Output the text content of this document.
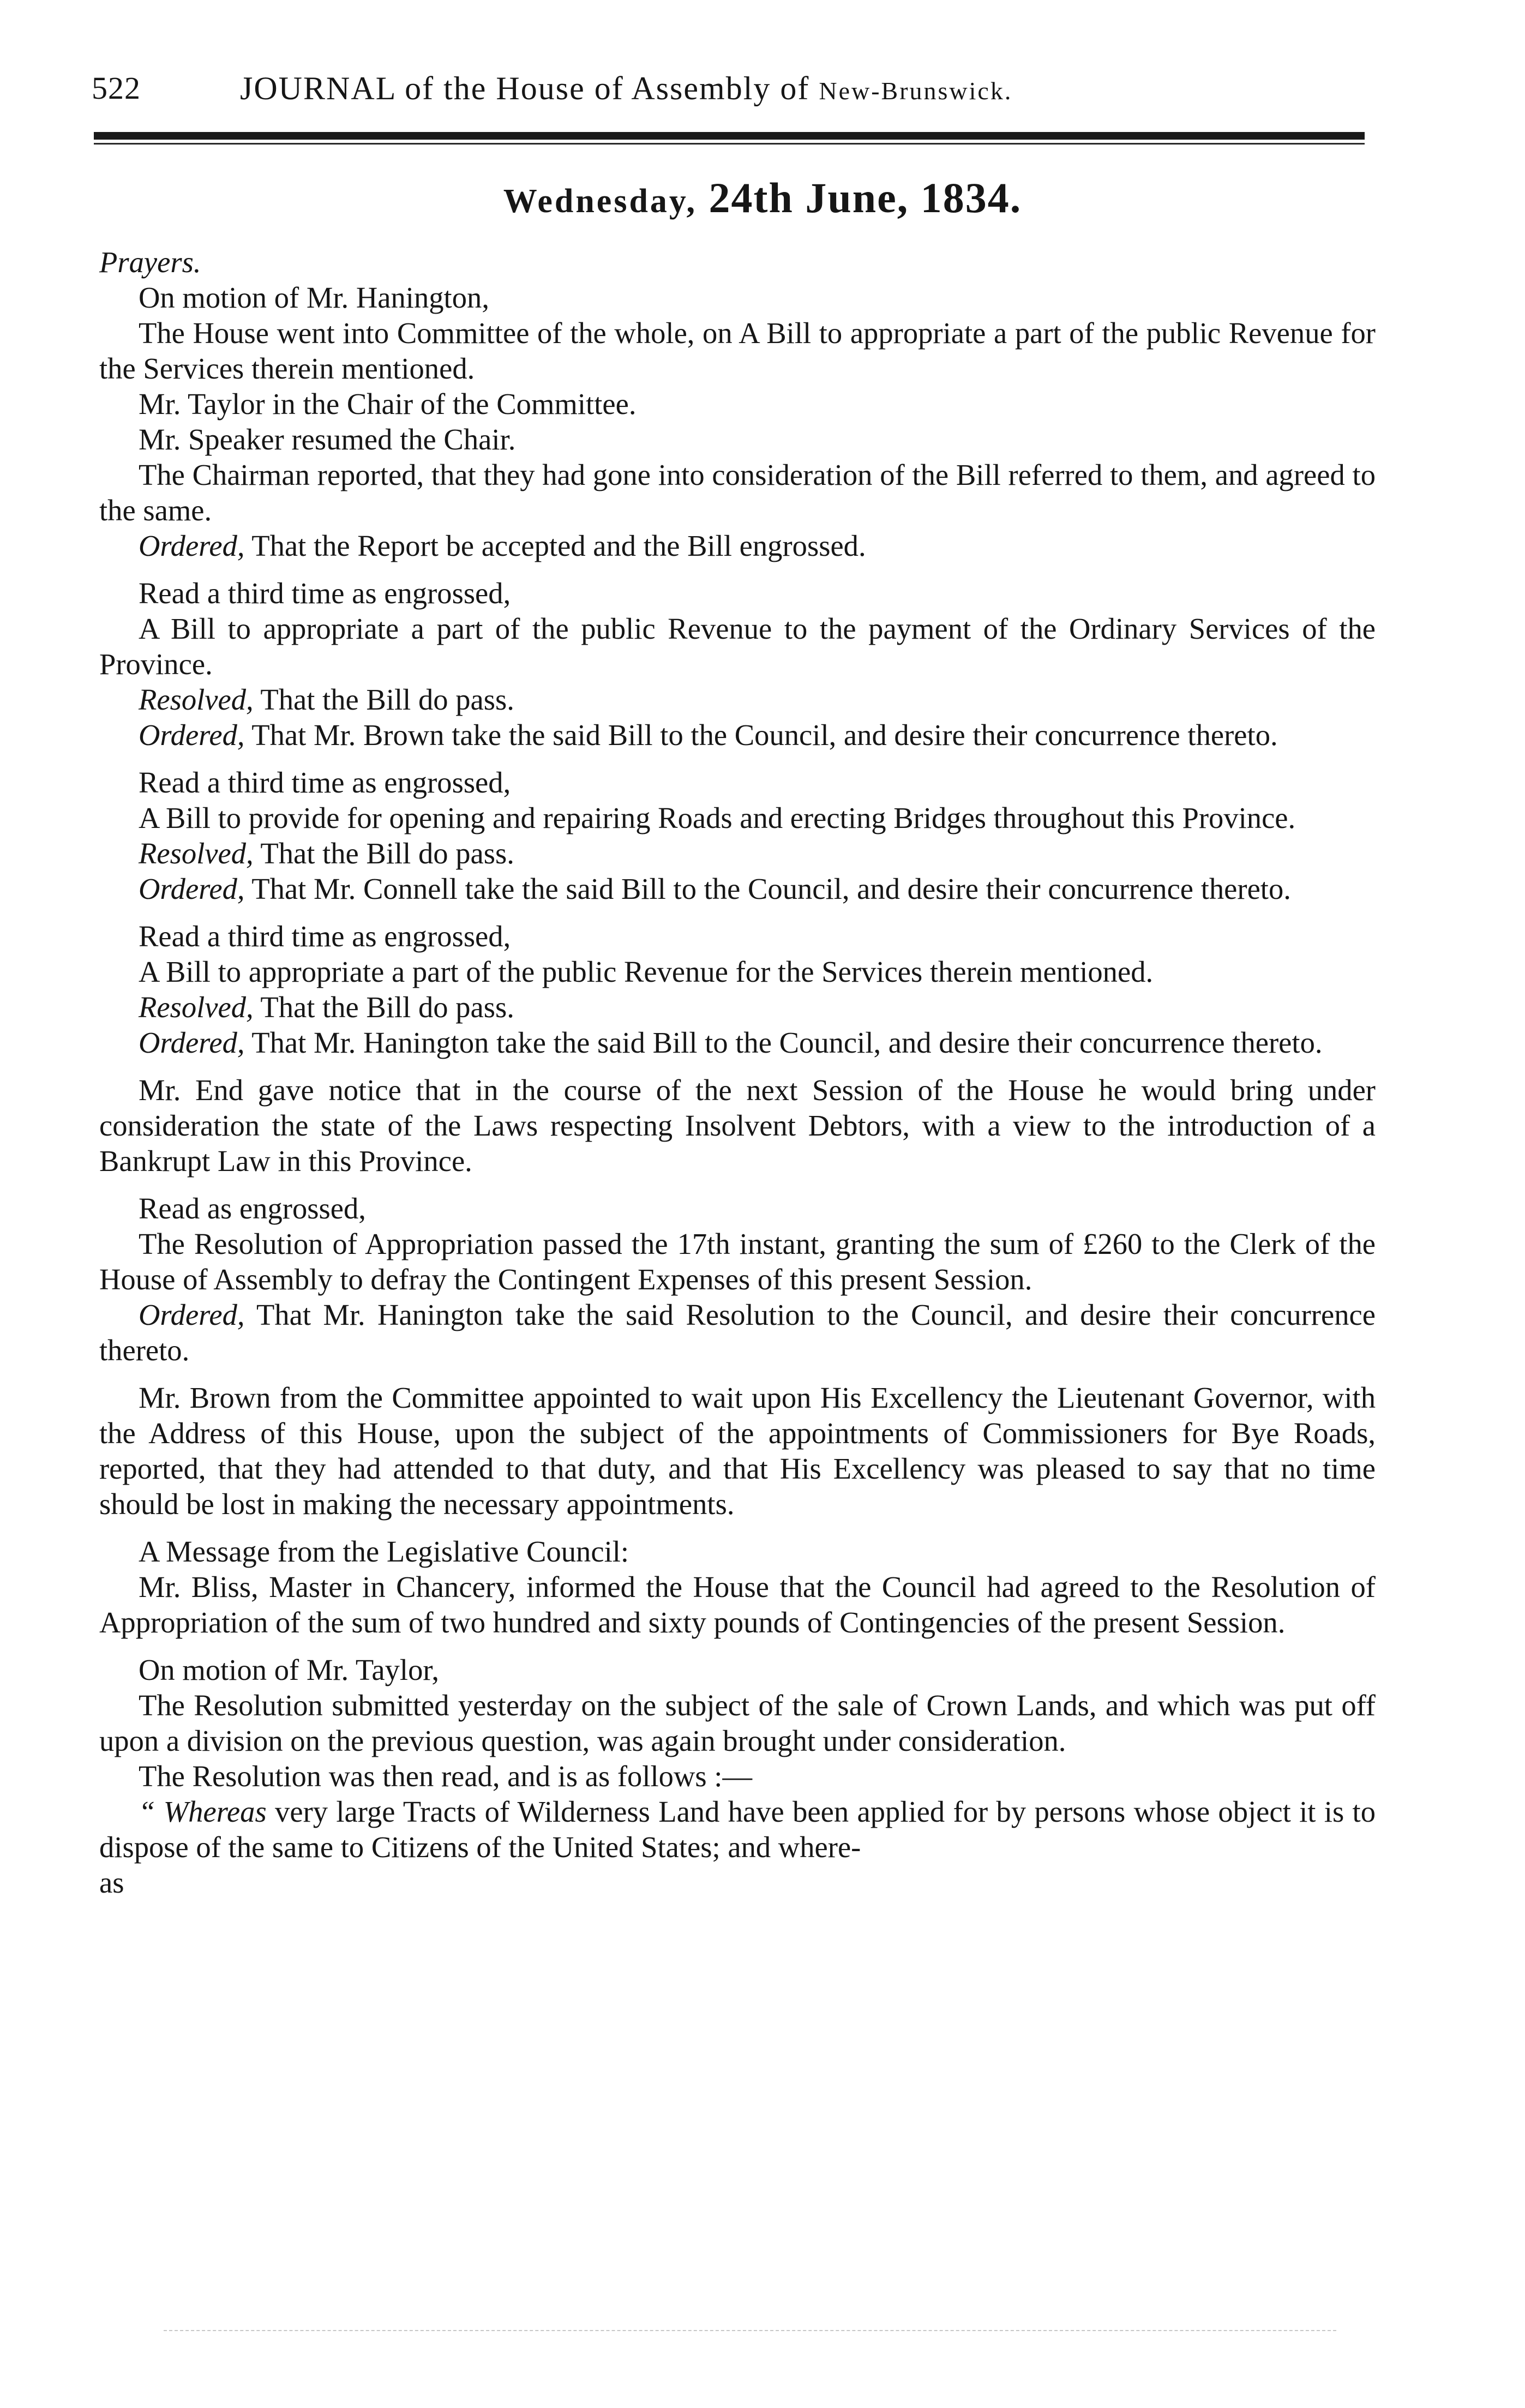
522	JOURNAL of the House of Assembly of New-Brunswick.
Wednesday, 24th June, 1834.

Prayers.

On motion of Mr. Hanington,

The House went into Committee of the whole, on A Bill to appropriate a part of the public Revenue for the Services therein mentioned.

Mr. Taylor in the Chair of the Committee.

Mr. Speaker resumed the Chair.

The Chairman reported, that they had gone into consideration of the Bill referred to them, and agreed to the same.

Ordered, That the Report be accepted and the Bill engrossed.

Read a third time as engrossed,

A Bill to appropriate a part of the public Revenue to the payment of the Ordinary Services of the Province.

Resolved, That the Bill do pass.

Ordered, That Mr. Brown take the said Bill to the Council, and desire their concurrence thereto.

Read a third time as engrossed,

A Bill to provide for opening and repairing Roads and erecting Bridges throughout this Province.

Resolved, That the Bill do pass.

Ordered, That Mr. Connell take the said Bill to the Council, and desire their concurrence thereto.

Read a third time as engrossed,

A Bill to appropriate a part of the public Revenue for the Services therein mentioned.

Resolved, That the Bill do pass.

Ordered, That Mr. Hanington take the said Bill to the Council, and desire their concurrence thereto.

Mr. End gave notice that in the course of the next Session of the House he would bring under consideration the state of the Laws respecting Insolvent Debtors, with a view to the introduction of a Bankrupt Law in this Province.

Read as engrossed,

The Resolution of Appropriation passed the 17th instant, granting the sum of £260 to the Clerk of the House of Assembly to defray the Contingent Expenses of this present Session.

Ordered, That Mr. Hanington take the said Resolution to the Council, and desire their concurrence thereto.

Mr. Brown from the Committee appointed to wait upon His Excellency the Lieutenant Governor, with the Address of this House, upon the subject of the appointments of Commissioners for Bye Roads, reported, that they had attended to that duty, and that His Excellency was pleased to say that no time should be lost in making the necessary appointments.

A Message from the Legislative Council:

Mr. Bliss, Master in Chancery, informed the House that the Council had agreed to the Resolution of Appropriation of the sum of two hundred and sixty pounds of Contingencies of the present Session.

On motion of Mr. Taylor,

The Resolution submitted yesterday on the subject of the sale of Crown Lands, and which was put off upon a division on the previous question, was again brought under consideration.

The Resolution was then read, and is as follows :—

“ Whereas very large Tracts of Wilderness Land have been applied for by persons whose object it is to dispose of the same to Citizens of the United States; and where-

as
